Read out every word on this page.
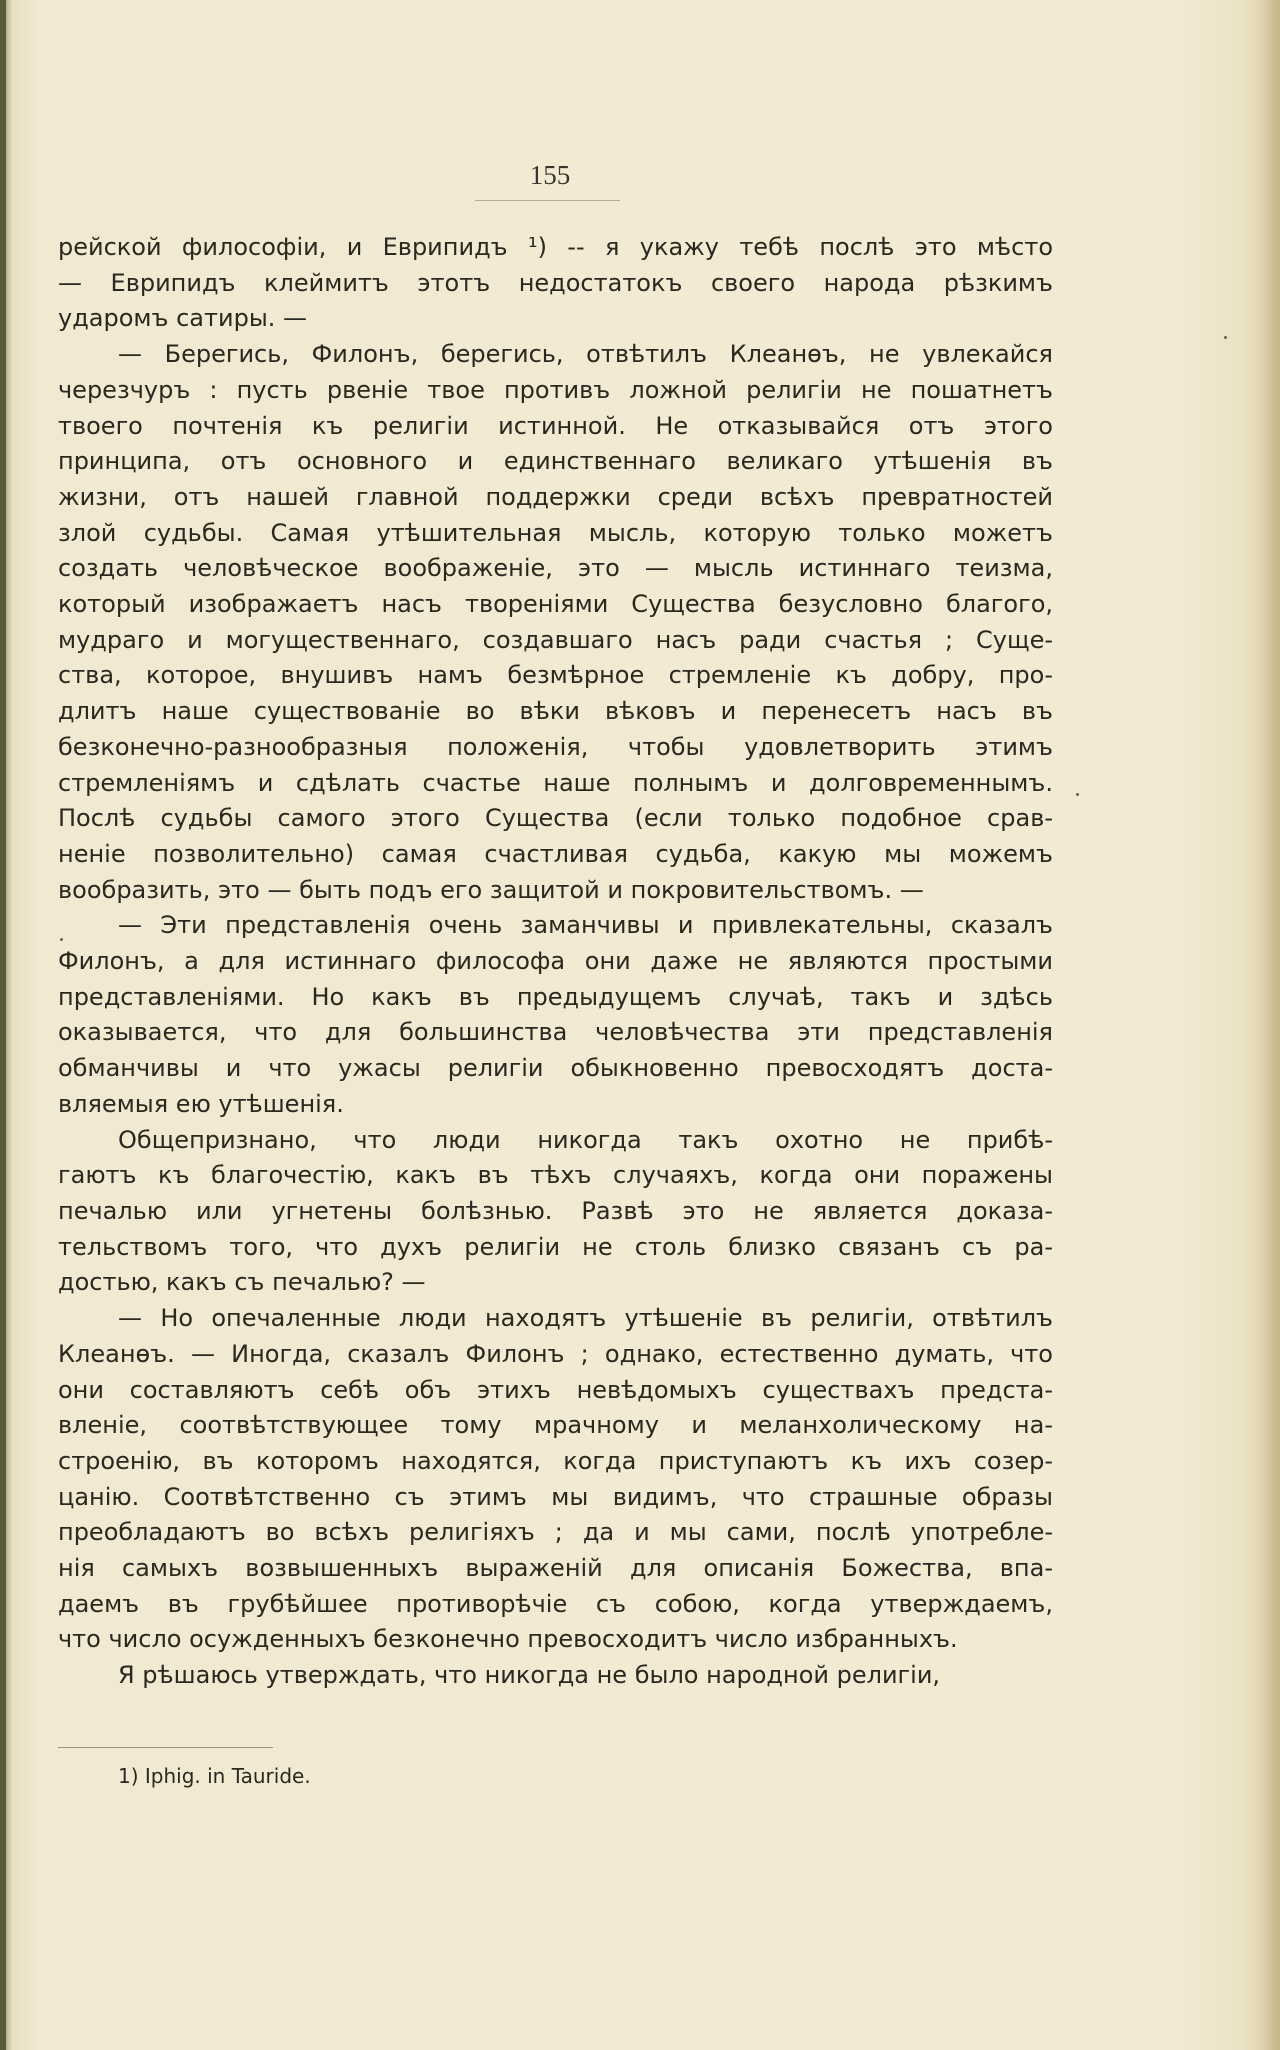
155

рейской философіи, и Еврипидъ ¹) -- я укажу тебѣ послѣ это мѣсто
— Еврипидъ клеймитъ этотъ недостатокъ своего народа рѣзкимъ
ударомъ сатиры. —

— Берегись, Филонъ, берегись, отвѣтилъ Клеанѳъ, не увлекайся
черезчуръ : пусть рвеніе твое противъ ложной религіи не пошатнетъ
твоего почтенія къ религіи истинной. Не отказывайся отъ этого
принципа, отъ основного и единственнаго великаго утѣшенія въ
жизни, отъ нашей главной поддержки среди всѣхъ превратностей
злой судьбы. Самая утѣшительная мысль, которую только можетъ
создать человѣческое воображеніе, это — мысль истиннаго теизма,
который изображаетъ насъ твореніями Существа безусловно благого,
мудраго и могущественнаго, создавшаго насъ ради счастья ; Суще-
ства, которое, внушивъ намъ безмѣрное стремленіе къ добру, про-
длитъ наше существованіе во вѣки вѣковъ и перенесетъ насъ въ
безконечно-разнообразныя положенія, чтобы удовлетворить этимъ
стремленіямъ и сдѣлать счастье наше полнымъ и долговременнымъ.
Послѣ судьбы самого этого Существа (если только подобное срав-
неніе позволительно) самая счастливая судьба, какую мы можемъ
вообразить, это — быть подъ его защитой и покровительствомъ. —

— Эти представленія очень заманчивы и привлекательны, сказалъ
Филонъ, а для истиннаго философа они даже не являются простыми
представленіями. Но какъ въ предыдущемъ случаѣ, такъ и здѣсь
оказывается, что для большинства человѣчества эти представленія
обманчивы и что ужасы религіи обыкновенно превосходятъ доста-
вляемыя ею утѣшенія.

Общепризнано, что люди никогда такъ охотно не прибѣ-
гаютъ къ благочестію, какъ въ тѣхъ случаяхъ, когда они поражены
печалью или угнетены болѣзнью. Развѣ это не является доказа-
тельствомъ того, что духъ религіи не столь близко связанъ съ ра-
достью, какъ съ печалью? —

— Но опечаленные люди находятъ утѣшеніе въ религіи, отвѣтилъ
Клеанѳъ. — Иногда, сказалъ Филонъ ; однако, естественно думать, что
они составляютъ себѣ объ этихъ невѣдомыхъ существахъ предста-
вленіе, соотвѣтствующее тому мрачному и меланхолическому на-
строенію, въ которомъ находятся, когда приступаютъ къ ихъ созер-
цанію. Соотвѣтственно съ этимъ мы видимъ, что страшные образы
преобладаютъ во всѣхъ религіяхъ ; да и мы сами, послѣ употребле-
нія самыхъ возвышенныхъ выраженій для описанія Божества, впа-
даемъ въ грубѣйшее противорѣчіе съ собою, когда утверждаемъ,
что число осужденныхъ безконечно превосходитъ число избранныхъ.

Я рѣшаюсь утверждать, что никогда не было народной религіи,

1) Iphig. in Tauride.
